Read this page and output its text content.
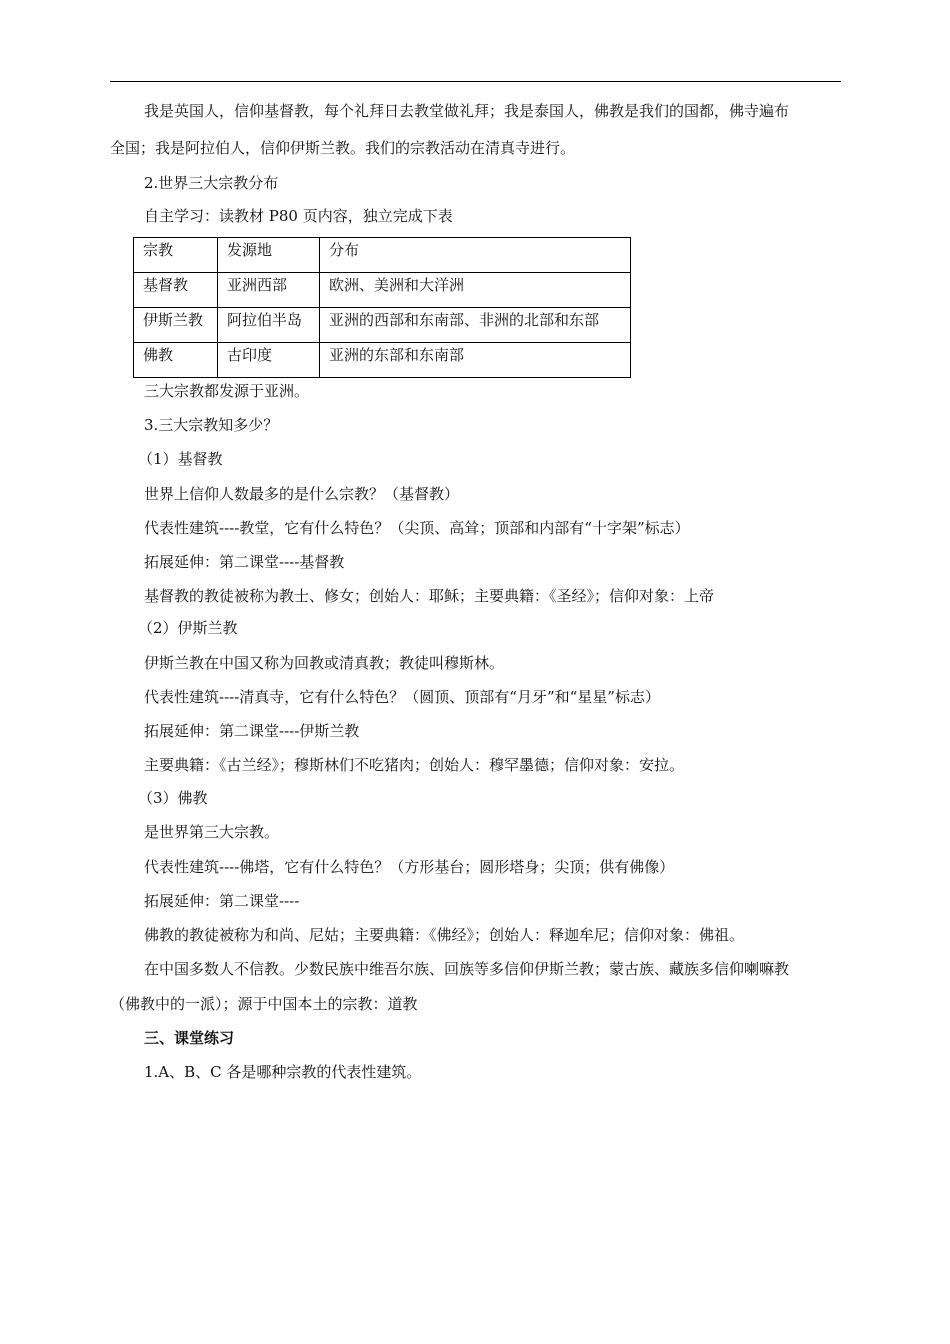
我是英国人，信仰基督教，每个礼拜日去教堂做礼拜；我是泰国人，佛教是我们的国都，佛寺遍布
全国；我是阿拉伯人，信仰伊斯兰教。我们的宗教活动在清真寺进行。
2.世界三大宗教分布
自主学习：读教材 P80 页内容，独立完成下表
宗教	发源地	分布
基督教	亚洲西部	欧洲、美洲和大洋洲
伊斯兰教	阿拉伯半岛	亚洲的西部和东南部、非洲的北部和东部
佛教	古印度	亚洲的东部和东南部
三大宗教都发源于亚洲。
3.三大宗教知多少？
（1）基督教
世界上信仰人数最多的是什么宗教？（基督教）
代表性建筑----教堂，它有什么特色？（尖顶、高耸；顶部和内部有“十字架”标志）
拓展延伸：第二课堂----基督教
基督教的教徒被称为教士、修女；创始人：耶稣；主要典籍：《圣经》；信仰对象：上帝
（2）伊斯兰教
伊斯兰教在中国又称为回教或清真教；教徒叫穆斯林。
代表性建筑----清真寺，它有什么特色？（圆顶、顶部有“月牙”和“星星”标志）
拓展延伸：第二课堂----伊斯兰教
主要典籍：《古兰经》；穆斯林们不吃猪肉；创始人：穆罕墨德；信仰对象：安拉。
（3）佛教
是世界第三大宗教。
代表性建筑----佛塔，它有什么特色？（方形基台；圆形塔身；尖顶；供有佛像）
拓展延伸：第二课堂----
佛教的教徒被称为和尚、尼姑；主要典籍：《佛经》；创始人：释迦牟尼；信仰对象：佛祖。
在中国多数人不信教。少数民族中维吾尔族、回族等多信仰伊斯兰教；蒙古族、藏族多信仰喇嘛教
（佛教中的一派）；源于中国本土的宗教：道教
三、课堂练习
1.A、B、C 各是哪种宗教的代表性建筑。
